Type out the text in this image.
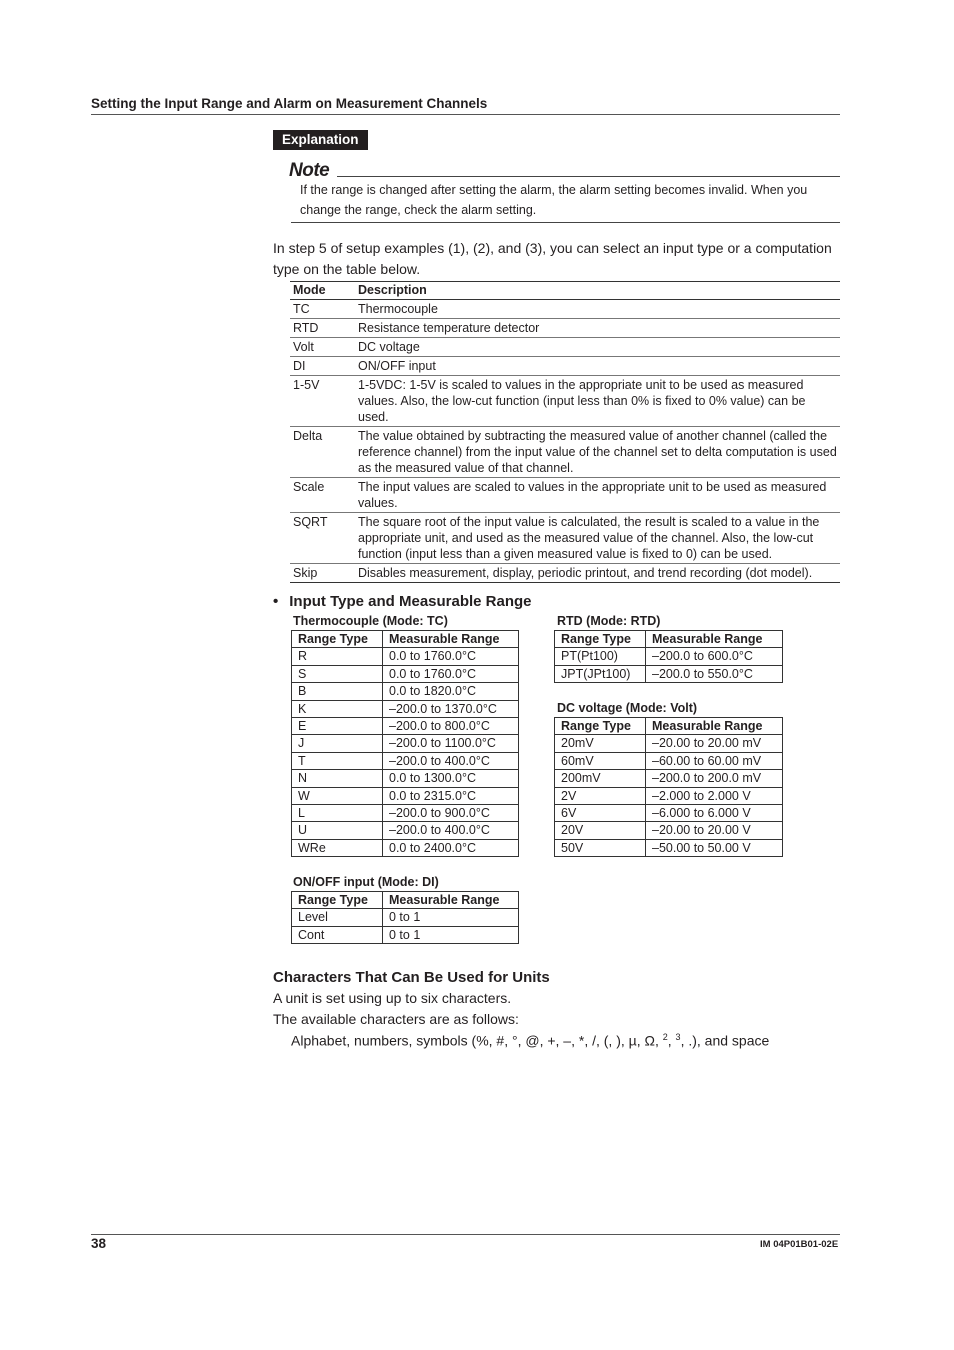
Setting the Input Range and Alarm on Measurement Channels
Explanation
Note
If the range is changed after setting the alarm, the alarm setting becomes invalid. When you change the range, check the alarm setting.
In step 5 of setup examples (1), (2), and (3), you can select an input type or a computation type on the table below.
Mode	Description
TC	Thermocouple
RTD	Resistance temperature detector
Volt	DC voltage
DI	ON/OFF input
1-5V	1-5VDC: 1-5V is scaled to values in the appropriate unit to be used as measured values. Also, the low-cut function (input less than 0% is fixed to 0% value) can be used.
Delta	The value obtained by subtracting the measured value of another channel (called the reference channel) from the input value of the channel set to delta computation is used as the measured value of that channel.
Scale	The input values are scaled to values in the appropriate unit to be used as measured values.
SQRT	The square root of the input value is calculated, the result is scaled to a value in the appropriate unit, and used as the measured value of the channel. Also, the low-cut function (input less than a given measured value is fixed to 0) can be used.
Skip	Disables measurement, display, periodic printout, and trend recording (dot model).
• Input Type and Measurable Range
Thermocouple (Mode: TC)
Range Type	Measurable Range
R	0.0 to 1760.0°C
S	0.0 to 1760.0°C
B	0.0 to 1820.0°C
K	–200.0 to 1370.0°C
E	–200.0 to 800.0°C
J	–200.0 to 1100.0°C
T	–200.0 to 400.0°C
N	0.0 to 1300.0°C
W	0.0 to 2315.0°C
L	–200.0 to 900.0°C
U	–200.0 to 400.0°C
WRe	0.0 to 2400.0°C
RTD (Mode: RTD)
Range Type	Measurable Range
PT(Pt100)	–200.0 to 600.0°C
JPT(JPt100)	–200.0 to 550.0°C
DC voltage (Mode: Volt)
Range Type	Measurable Range
20mV	–20.00 to 20.00 mV
60mV	–60.00 to 60.00 mV
200mV	–200.0 to 200.0 mV
2V	–2.000 to 2.000 V
6V	–6.000 to 6.000 V
20V	–20.00 to 20.00 V
50V	–50.00 to 50.00 V
ON/OFF input (Mode: DI)
Range Type	Measurable Range
Level	0 to 1
Cont	0 to 1
Characters That Can Be Used for Units
A unit is set using up to six characters.
The available characters are as follows:
Alphabet, numbers, symbols (%, #, °, @, +, –, *, /, (, ), µ, Ω, $^2$, $^3$, .), and space
38	IM 04P01B01-02E
